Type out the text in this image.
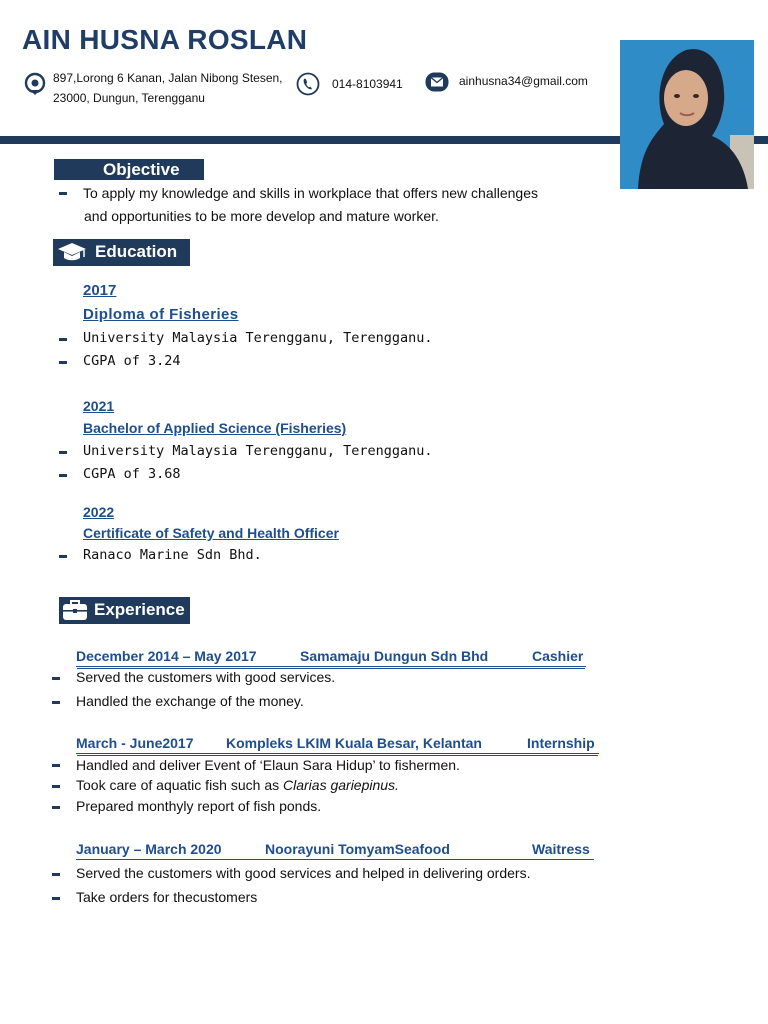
AIN HUSNA ROSLAN
897,Lorong 6 Kanan, Jalan Nibong Stesen,
23000, Dungun, Terengganu
014-8103941	ainhusna34@gmail.com
Objective
To apply my knowledge and skills in workplace that offers new challenges
and opportunities to be more develop and mature worker.
Education
2017
Diploma of Fisheries
University Malaysia Terengganu, Terengganu.
CGPA of 3.24
2021
Bachelor of Applied Science (Fisheries)
University Malaysia Terengganu, Terengganu.
CGPA of 3.68
2022
Certificate of Safety and Health Officer
Ranaco Marine Sdn Bhd.
Experience
December 2014 – May 2017	Samamaju Dungun Sdn Bhd	Cashier
Served the customers with good services.
Handled the exchange of the money.
March - June2017 Kompleks LKIM Kuala Besar, Kelantan	Internship
Handled and deliver Event of ‘Elaun Sara Hidup’ to fishermen.
Took care of aquatic fish such as Clarias gariepinus.
Prepared monthyly report of fish ponds.
January – March 2020	Noorayuni TomyamSeafood	Waitress
Served the customers with good services and helped in delivering orders.
Take orders for thecustomers
